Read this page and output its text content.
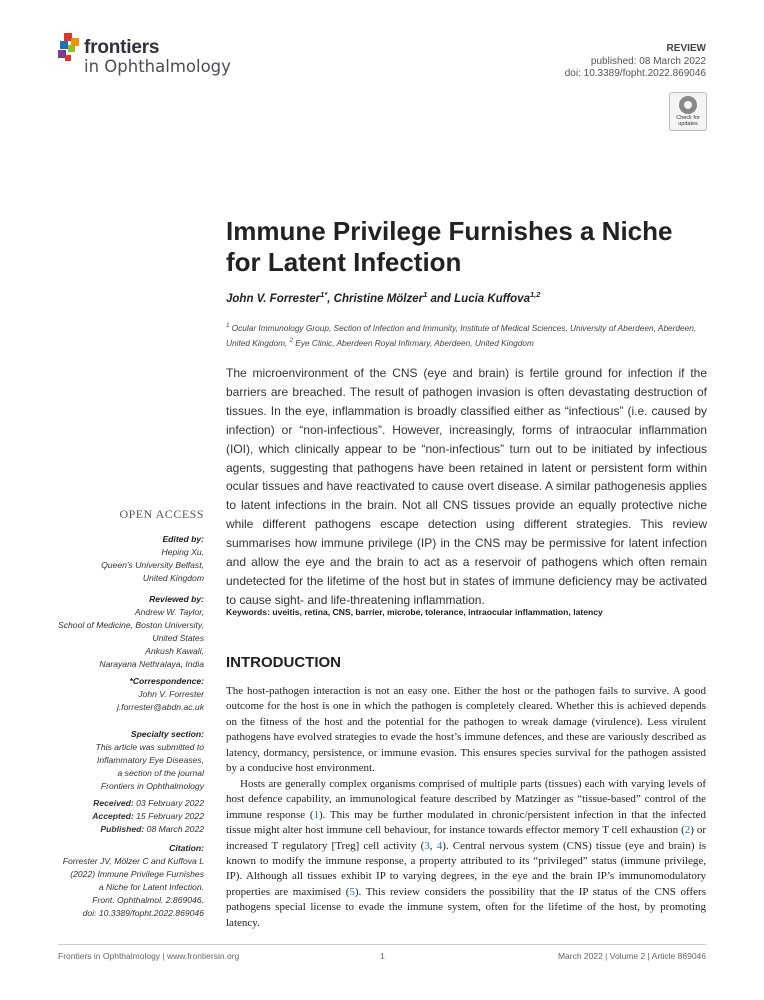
frontiers
in Ophthalmology
REVIEW
published: 08 March 2022
doi: 10.3389/fopht.2022.869046
Check for updates
Immune Privilege Furnishes a Niche
for Latent Infection
John V. Forrester$^{1*}$, Christine Mölzer$^1$ and Lucia Kuffova$^{1,2}$
$^1$ Ocular Immunology Group, Section of Infection and Immunity, Institute of Medical Sciences, University of Aberdeen, Aberdeen, United Kingdom, $^2$ Eye Clinic, Aberdeen Royal Infirmary, Aberdeen, United Kingdom
The microenvironment of the CNS (eye and brain) is fertile ground for infection if the barriers are breached. The result of pathogen invasion is often devastating destruction of tissues. In the eye, inflammation is broadly classified either as “infectious” (i.e. caused by infection) or “non-infectious”. However, increasingly, forms of intraocular inflammation (IOI), which clinically appear to be “non-infectious” turn out to be initiated by infectious agents, suggesting that pathogens have been retained in latent or persistent form within ocular tissues and have reactivated to cause overt disease. A similar pathogenesis applies to latent infections in the brain. Not all CNS tissues provide an equally protective niche while different pathogens escape detection using different strategies. This review summarises how immune privilege (IP) in the CNS may be permissive for latent infection and allow the eye and the brain to act as a reservoir of pathogens which often remain undetected for the lifetime of the host but in states of immune deficiency may be activated to cause sight- and life-threatening inflammation.
Keywords: uveitis, retina, CNS, barrier, microbe, tolerance, intraocular inflammation, latency
INTRODUCTION

The host-pathogen interaction is not an easy one. Either the host or the pathogen fails to survive. A good outcome for the host is one in which the pathogen is completely cleared. Whether this is achieved depends on the fitness of the host and the potential for the pathogen to wreak damage (virulence). Less virulent pathogens have evolved strategies to evade the host’s immune defences, and these are variously described as latency, dormancy, persistence, or immune evasion. This ensures species survival for the pathogen assisted by a conducive host environment.

Hosts are generally complex organisms comprised of multiple parts (tissues) each with varying levels of host defence capability, an immunological feature described by Matzinger as “tissue-based” control of the immune response (1). This may be further modulated in chronic/persistent infection in that the infected tissue might alter host immune cell behaviour, for instance towards effector memory T cell exhaustion (2) or increased T regulatory [Treg] cell activity (3, 4). Central nervous system (CNS) tissue (eye and brain) is known to modify the immune response, a property attributed to its “privileged” status (immune privilege, IP). Although all tissues exhibit IP to varying degrees, in the eye and the brain IP’s immunomodulatory properties are maximised (5). This review considers the possibility that the IP status of the CNS offers pathogens special license to evade the immune system, often for the lifetime of the host, by promoting latency.

OPEN ACCESS
Edited by:
Heping Xu,
Queen's University Belfast,
United Kingdom
Reviewed by:
Andrew W. Taylor,
School of Medicine, Boston University,
United States
Ankush Kawali,
Narayana Nethralaya, India
*Correspondence:
John V. Forrester
j.forrester@abdn.ac.uk
Specialty section:
This article was submitted to
Inflammatory Eye Diseases,
a section of the journal
Frontiers in Ophthalmology
Received: 03 February 2022
Accepted: 15 February 2022
Published: 08 March 2022
Citation:
Forrester JV, Mölzer C and Kuffova L
(2022) Immune Privilege Furnishes
a Niche for Latent Infection.
Front. Ophthalmol. 2:869046.
doi: 10.3389/fopht.2022.869046
Frontiers in Ophthalmology | www.frontiersin.org	1	March 2022 | Volume 2 | Article 869046
